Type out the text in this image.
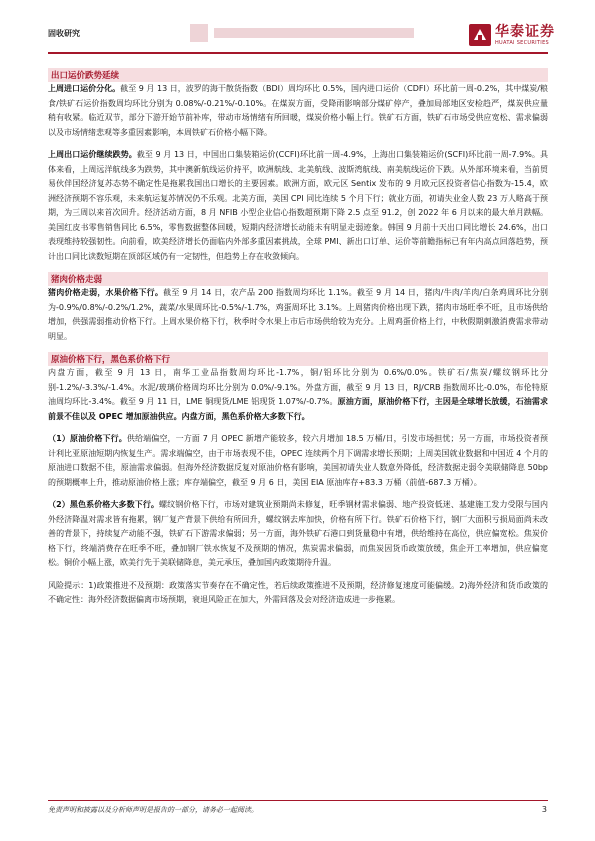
固收研究	华泰证券
HUATAI SECURITIES
出口运价跌势延续

上周进口运价分化。截至 9 月 13 日，波罗的海干散货指数（BDI）周均环比 0.5%，国内进口运价（CDFI）环比前一周-0.2%，其中煤炭/粮食/铁矿石运价指数周均环比分别为 0.08%/-0.21%/-0.10%。在煤炭方面，受降雨影响部分煤矿停产，叠加局部地区安检趋严，煤炭供应量稍有收紧。临近双节，部分下游开始节前补库，带动市场情绪有所回暖，煤炭价格小幅上行。铁矿石方面，铁矿石市场受供应宽松、需求偏弱以及市场情绪悲观等多重因素影响，本周铁矿石价格小幅下降。

上周出口运价继续跌势。截至 9 月 13 日，中国出口集装箱运价(CCFI)环比前一周-4.9%，上海出口集装箱运价(SCFI)环比前一周-7.9%。具体来看，上周远洋航线多为跌势，其中澳新航线运价持平，欧洲航线、北美航线、波斯湾航线、南美航线运价下跌。从外部环境来看，当前贸易伙伴国经济复苏态势不确定性是拖累我国出口增长的主要因素。欧洲方面，欧元区 Sentix 发布的 9 月欧元区投资者信心指数为-15.4，欧洲经济预期不容乐观，未来航运复苏情况仍不乐观。北美方面，美国 CPI 同比连续 5 个月下行；就业方面，初请失业金人数 23 万人略高于预期，为三周以来首次回升。经济活动方面，8 月 NFIB 小型企业信心指数超预期下降 2.5 点至 91.2，创 2022 年 6 月以来的最大单月跌幅。美国红皮书零售销售同比 6.5%，零售数据整体回暖，短期内经济增长动能未有明显走弱迹象。韩国 9 月前十天出口同比增长 24.6%，出口表现维持较强韧性。向前看，欧美经济增长仍面临内外部多重因素挑战，全球 PMI、新出口订单、运价等前瞻指标已有年内高点回落趋势，预计出口同比读数短期在顶部区域仍有一定韧性，但趋势上存在收敛倾向。

猪肉价格走弱

猪肉价格走弱，水果价格下行。截至 9 月 14 日，农产品 200 指数周均环比 1.1%。截至 9 月 14 日，猪肉/牛肉/羊肉/白条鸡周环比分别为-0.9%/0.8%/-0.2%/1.2%，蔬菜/水果周环比-0.5%/-1.7%，鸡蛋周环比 3.1%。上周猪肉价格出现下跌，猪肉市场旺季不旺，且市场供给增加，供强需弱推动价格下行。上周水果价格下行，秋季时令水果上市后市场供给较为充分。上周鸡蛋价格上行，中秋假期刺激消费需求带动明显。

原油价格下行，黑色系价格下行

内盘方面，截至 9 月 13 日，南华工业品指数周均环比-1.7%，铜/铝环比分别为 0.6%/0.0%。铁矿石/焦炭/螺纹钢环比分别-1.2%/-3.3%/-1.4%。水泥/玻璃价格周均环比分别为 0.0%/-9.1%。外盘方面，截至 9 月 13 日，RJ/CRB 指数周环比-0.0%，布伦特原油周均环比-3.4%。截至 9 月 11 日，LME 铜现货/LME 铝现货 1.07%/-0.7%。原油方面，原油价格下行，主因是全球增长放缓，石油需求前景不佳以及 OPEC 增加原油供应。内盘方面，黑色系价格大多数下行。

（1）原油价格下行。供给端偏空，一方面 7 月 OPEC 新增产能较多，较六月增加 18.5 万桶/日，引发市场担忧；另一方面，市场投资者预计利比亚原油短期内恢复生产。需求端偏空，由于市场表现不佳，OPEC 连续两个月下调需求增长预期；上周美国就业数据和中国近 4 个月的原油进口数据不佳，原油需求偏弱。但海外经济数据反复对原油价格有影响，美国初请失业人数意外降低，经济数据走弱令美联储降息 50bp 的预期概率上升，推动原油价格上涨；库存端偏空，截至 9 月 6 日，美国 EIA 原油库存+83.3 万桶（前值-687.3 万桶）。

（2）黑色系价格大多数下行。螺纹钢价格下行，市场对建筑业预期尚未修复，旺季钢材需求偏弱、地产投资低迷、基建施工发力受限与国内外经济降温对需求皆有拖累，钢厂复产背景下供给有所回升，螺纹钢去库加快，价格有所下行。铁矿石价格下行，钢厂大面积亏损局面尚未改善的背景下，持续复产动能不强，铁矿石下游需求偏弱；另一方面，海外铁矿石港口到货量稳中有增，供给维持在高位，供应偏宽松。焦炭价格下行，终端消费存在旺季不旺，叠加钢厂铁水恢复不及预期的情况，焦炭需求偏弱，而焦炭因货币政策放缓，焦企开工率增加，供应偏宽松。铜价小幅上涨，欧美行先于美联储降息，美元承压，叠加国内政策期待升温。

风险提示：1)政策推进不及预期：政策落实节奏存在不确定性，若后续政策推进不及预期，经济修复速度可能偏缓。2)海外经济和货币政策的不确定性：海外经济数据偏离市场预期，衰退风险正在加大，外需回落及会对经济造成进一步拖累。

免责声明和披露以及分析师声明是报告的一部分，请务必一起阅读。	3
